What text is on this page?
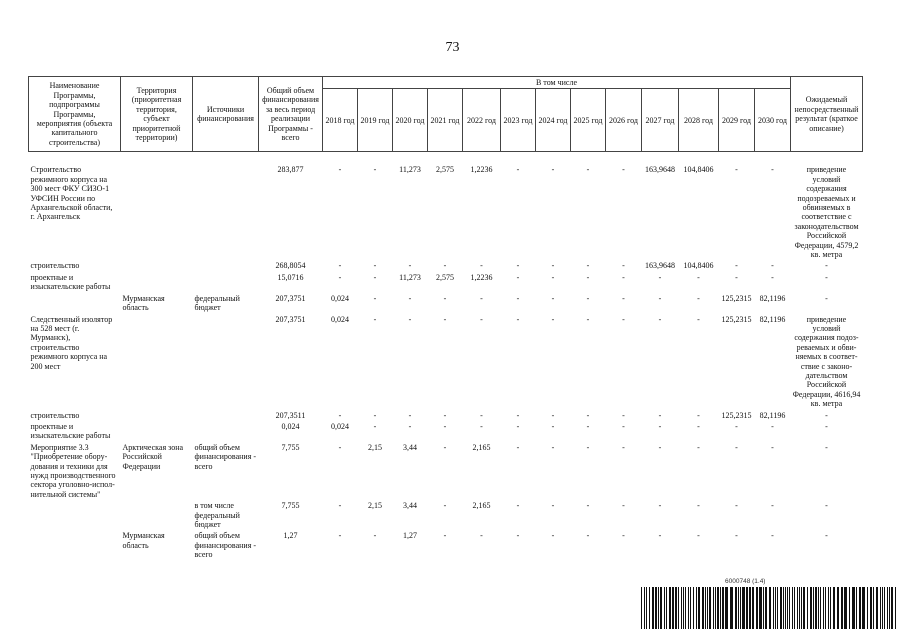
73
Наименование Программы, подпрограммы Программы, мероприятия (объекта капитального строительства)	Территория (приоритетная территория, субъект приоритетной территории)	Источники финансирования	Общий объем финансирования за весь период реализации Программы - всего	В том числе													Ожидаемый непосредственный результат (краткое описание)
				2018 год	2019 год	2020 год	2021 год	2022 год	2023 год	2024 год	2025 год	2026 год	2027 год	2028 год	2029 год	2030 год	

Строительство режимного корпуса на 300 мест ФКУ СИЗО-1 УФСИН России по Архангельской области, г. Архангельск			283,877	-	-	11,273	2,575	1,2236	-	-	-	-	163,9648	104,8406	-	-	приведение условий содержания подозреваемых и обвиняемых в соответствие с законодательством Российской Федерации, 4579,2 кв. метра
строительство			268,8054	-	-	-	-	-	-	-	-	-	163,9648	104,8406	-	-	-
проектные и изыскательские работы			15,0716	-	-	11,273	2,575	1,2236	-	-	-	-	-	-	-	-	-
	Мурманская область	федеральный бюджет	207,3751	0,024	-	-	-	-	-	-	-	-	-	-	125,2315	82,1196	-
Следственный изолятор на 528 мест (г. Мурманск), строительство режимного корпуса на 200 мест			207,3751	0,024	-	-	-	-	-	-	-	-	-	-	125,2315	82,1196	приведение условий содержания подоз- реваемых и обви- няемых в соответ- ствие с законо- дательством Российской Федерации, 4616,94 кв. метра
строительство			207,3511	-	-	-	-	-	-	-	-	-	-	-	125,2315	82,1196	-
проектные и изыскательские работы			0,024	0,024	-	-	-	-	-	-	-	-	-	-	-	-	-
Мероприятие 3.3 "Приобретение обору- дования и техники для нужд производственного сектора уголовно-испол- нительной системы"	Арктическая зона Российской Федерации	общий объем финансирования - всего	7,755	-	2,15	3,44	-	2,165	-	-	-	-	-	-	-	-	-
		в том числе федеральный бюджет	7,755	-	2,15	3,44	-	2,165	-	-	-	-	-	-	-	-	-
	Мурманская область	общий объем финансирования - всего	1,27	-	-	1,27	-	-	-	-	-	-	-	-	-	-	-
6000748 (1.4)
